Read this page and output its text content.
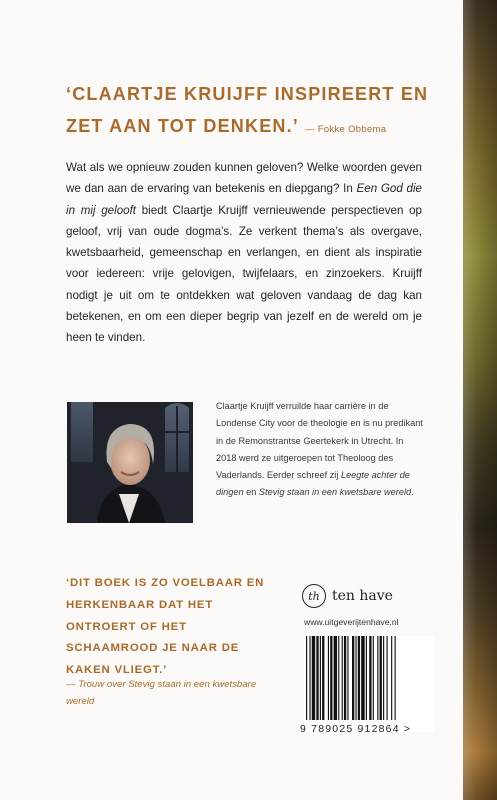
‘CLAARTJE KRUIJFF INSPIREERT EN ZET AAN TOT DENKEN.’ — Fokke Obbema
Wat als we opnieuw zouden kunnen geloven? Welke woorden geven we dan aan de ervaring van betekenis en diepgang? In Een God die in mij gelooft biedt Claartje Kruijff vernieuwende perspectieven op geloof, vrij van oude dogma’s. Ze verkent thema’s als overgave, kwetsbaarheid, gemeenschap en verlangen, en dient als inspiratie voor iedereen: vrije gelovigen, twijfelaars, en zinzoekers. Kruijff nodigt je uit om te ontdekken wat geloven vandaag de dag kan betekenen, en om een dieper begrip van jezelf en de wereld om je heen te vinden.
Claartje Kruijff verruilde haar carrière in de Londense City voor de theologie en is nu predikant in de Remonstrantse Geertekerk in Utrecht. In 2018 werd ze uitgeroepen tot Theoloog des Vaderlands. Eerder schreef zij Leegte achter de dingen en Stevig staan in een kwetsbare wereld.
‘DIT BOEK IS ZO VOELBAAR EN HERKENBAAR DAT HET ONTROERT OF HET SCHAAMROOD JE NAAR DE KAKEN VLIEGT.’
— Trouw over Stevig staan in een kwetsbare wereld
th ten have
www.uitgeverijtenhave.nl
9 789025 912864 >
